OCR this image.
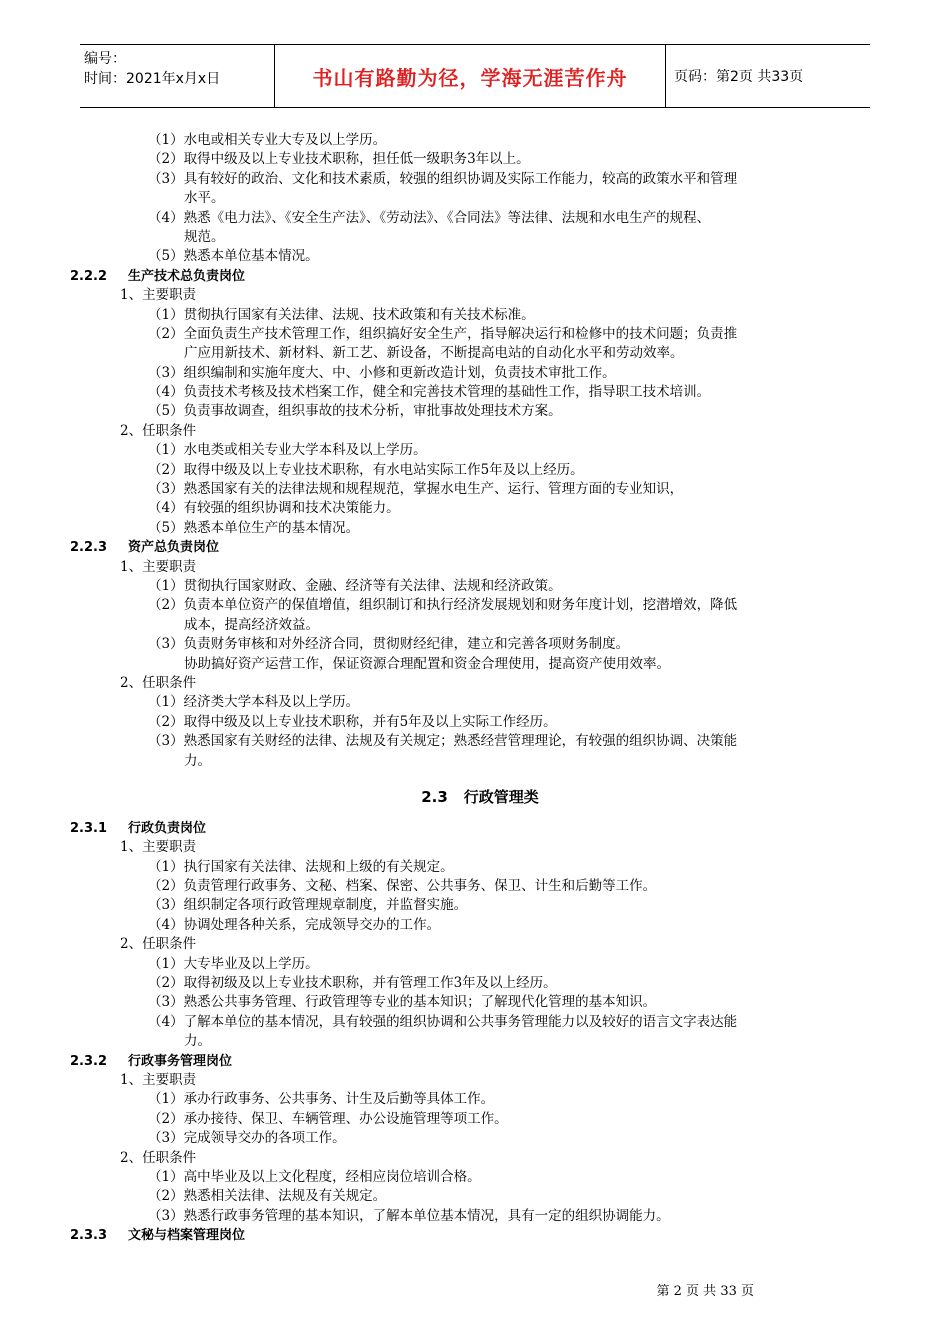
编号：
时间：2021年x月x日	书山有路勤为径，学海无涯苦作舟	页码：第2页 共33页
（1）水电或相关专业大专及以上学历。
（2）取得中级及以上专业技术职称，担任低一级职务3年以上。
（3）具有较好的政治、文化和技术素质，较强的组织协调及实际工作能力，较高的政策水平和管理
水平。
（4）熟悉《电力法》、《安全生产法》、《劳动法》、《合同法》等法律、法规和水电生产的规程、
规范。
（5）熟悉本单位基本情况。
2.2.2 生产技术总负责岗位
1、主要职责
（1）贯彻执行国家有关法律、法规、技术政策和有关技术标准。
（2）全面负责生产技术管理工作，组织搞好安全生产，指导解决运行和检修中的技术问题；负责推
广应用新技术、新材料、新工艺、新设备，不断提高电站的自动化水平和劳动效率。
（3）组织编制和实施年度大、中、小修和更新改造计划，负责技术审批工作。
（4）负责技术考核及技术档案工作，健全和完善技术管理的基础性工作，指导职工技术培训。
（5）负责事故调查，组织事故的技术分析，审批事故处理技术方案。
2、任职条件
（1）水电类或相关专业大学本科及以上学历。
（2）取得中级及以上专业技术职称，有水电站实际工作5年及以上经历。
（3）熟悉国家有关的法律法规和规程规范，掌握水电生产、运行、管理方面的专业知识，
（4）有较强的组织协调和技术决策能力。
（5）熟悉本单位生产的基本情况。
2.2.3 资产总负责岗位
1、主要职责
（1）贯彻执行国家财政、金融、经济等有关法律、法规和经济政策。
（2）负责本单位资产的保值增值，组织制订和执行经济发展规划和财务年度计划，挖潜增效，降低
成本，提高经济效益。
（3）负责财务审核和对外经济合同，贯彻财经纪律，建立和完善各项财务制度。
协助搞好资产运营工作，保证资源合理配置和资金合理使用，提高资产使用效率。
2、任职条件
（1）经济类大学本科及以上学历。
（2）取得中级及以上专业技术职称，并有5年及以上实际工作经历。
（3）熟悉国家有关财经的法律、法规及有关规定；熟悉经营管理理论，有较强的组织协调、决策能
力。
2.3 行政管理类
2.3.1 行政负责岗位
1、主要职责
（1）执行国家有关法律、法规和上级的有关规定。
（2）负责管理行政事务、文秘、档案、保密、公共事务、保卫、计生和后勤等工作。
（3）组织制定各项行政管理规章制度，并监督实施。
（4）协调处理各种关系，完成领导交办的工作。
2、任职条件
（1）大专毕业及以上学历。
（2）取得初级及以上专业技术职称，并有管理工作3年及以上经历。
（3）熟悉公共事务管理、行政管理等专业的基本知识；了解现代化管理的基本知识。
（4）了解本单位的基本情况，具有较强的组织协调和公共事务管理能力以及较好的语言文字表达能
力。
2.3.2 行政事务管理岗位
1、主要职责
（1）承办行政事务、公共事务、计生及后勤等具体工作。
（2）承办接待、保卫、车辆管理、办公设施管理等项工作。
（3）完成领导交办的各项工作。
2、任职条件
（1）高中毕业及以上文化程度，经相应岗位培训合格。
（2）熟悉相关法律、法规及有关规定。
（3）熟悉行政事务管理的基本知识，了解本单位基本情况，具有一定的组织协调能力。
2.3.3 文秘与档案管理岗位
第 2 页 共 33 页
